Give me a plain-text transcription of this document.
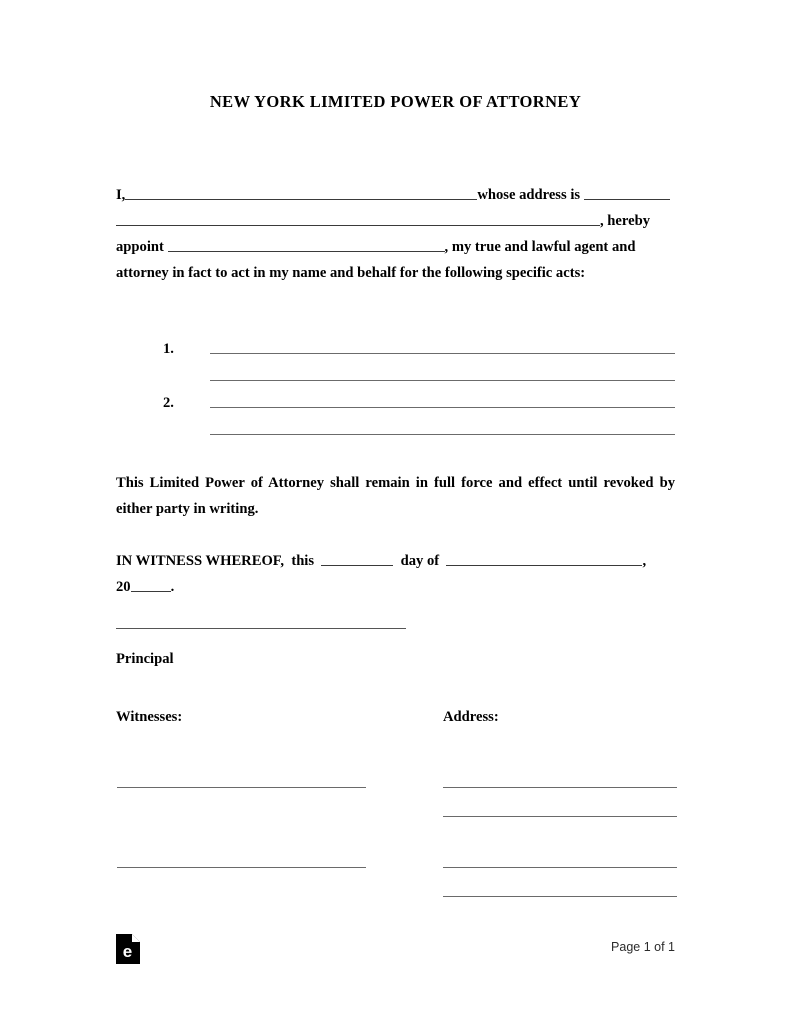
NEW YORK LIMITED POWER OF ATTORNEY

I,	whose address is
, hereby
appoint	, my true and lawful agent and
attorney in fact to act in my name and behalf for the following specific acts:

1.
2.

This Limited Power of Attorney shall remain in full force and effect until revoked by either party in writing.

IN WITNESS WHEREOF, this	day of	,
20	.

Principal
Witnesses:	Address:
e	Page 1 of 1
